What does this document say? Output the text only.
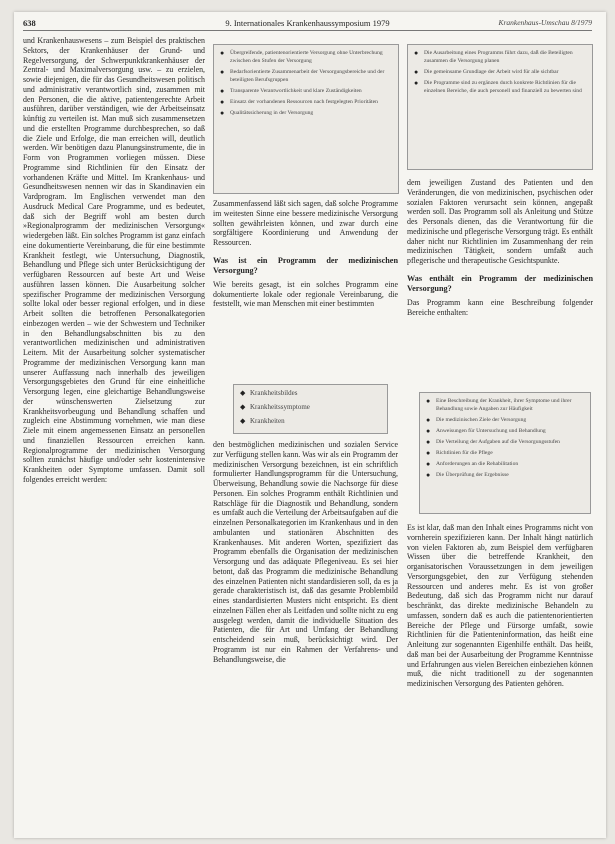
638	9. Internationales Krankenhaussymposium 1979	Krankenhaus-Umschau 8/1979

und Krankenhauswesens – zum Beispiel des praktischen Sektors, der Krankenhäuser der Grund- und Regelversorgung, der Schwerpunktkrankenhäuser der Zentral- und Maximalversorgung usw. – zu erzielen, sowie diejenigen, die für das Gesundheitswesen politisch und administrativ verantwortlich sind, zusammen mit den Personen, die die aktive, patientengerechte Arbeit ausführen, darüber verständigen, wie der Arbeitseinsatz künftig zu verteilen ist. Man muß sich zusammensetzen und die erstellten Programme durchbesprechen, so daß die Ziele und Erfolge, die man erreichen will, deutlich werden. Wir benötigen dazu Planungsinstrumente, die in Form von Programmen vorliegen müssen. Diese Programme sind Richtlinien für den Einsatz der vorhandenen Kräfte und Mittel. Im Krankenhaus- und Gesundheitswesen nennen wir das in Skandinavien ein Vardprogram. Im Englischen verwendet man den Ausdruck Medical Care Programme, und es bedeutet, daß sich der Begriff wohl am besten durch »Regionalprogramm der medizinischen Versorgung« wiedergeben läßt. Ein solches Programm ist ganz einfach eine dokumentierte Vereinbarung, die für eine bestimmte Krankheit festlegt, wie Untersuchung, Diagnostik, Behandlung und Pflege sich unter Berücksichtigung der verfügbaren Ressourcen auf beste Art und Weise ausführen lassen können. Die Ausarbeitung solcher spezifischer Programme der medizinischen Versorgung sollte lokal oder besser regional erfolgen, und in diese Arbeit sollten die betroffenen Personalkategorien einbezogen werden – wie der Schwestern und Techniker in den Behandlungsabschnitten bis zu den verantwortlichen medizinischen und administrativen Leitern. Mit der Ausarbeitung solcher systematischer Programme der medizinischen Versorgung kann man unserer Auffassung nach innerhalb des jeweiligen Versorgungsgebietes den Grund für eine einheitliche Versorgung legen, eine gleichartige Behandlungsweise der wünschenswerten Zielsetzung zur Krankheitsvorbeugung und Behandlung schaffen und zugleich eine Abstimmung vornehmen, wie man diese Ziele mit einem angemessenen Einsatz an personellen und finanziellen Ressourcen erreichen kann. Regionalprogramme der medizinischen Versorgung sollten zunächst häufige und/oder sehr kostenintensive Krankheiten oder Symptome umfassen. Damit soll folgendes erreicht werden:

● Übergreifende, patientenorientierte Versorgung ohne Unterbrechung zwischen den Stufen der Versorgung
● Bedarfsorientierte Zusammenarbeit der Versorgungsbereiche und der beteiligten Berufsgruppen
● Transparente Verantwortlichkeit und klare Zuständigkeiten
● Einsatz der vorhandenen Ressourcen nach festgelegten Prioritäten
● Qualitätssicherung in der Versorgung
● Die Ausarbeitung eines Programms führt dazu, daß die Beteiligten zusammen die Versorgung planen
● Die gemeinsame Grundlage der Arbeit wird für alle sichtbar
● Die Programme sind zu ergänzen durch konkrete Richtlinien für die einzelnen Bereiche, die auch personell und finanziell zu bewerten sind

Zusammenfassend läßt sich sagen, daß solche Programme im weitesten Sinne eine bessere medizinische Versorgung sollten gewährleisten können, und zwar durch eine sorgfältigere Koordinierung und Anwendung der Ressourcen.

Was ist ein Programm der medizinischen Versorgung?

Wie bereits gesagt, ist ein solches Programm eine dokumentierte lokale oder regionale Vereinbarung, die feststellt, wie man Menschen mit einer bestimmten

◆ Krankheitsbildes
◆ Krankheitssymptome
◆ Krankheiten

den bestmöglichen medizinischen und sozialen Service zur Verfügung stellen kann. Was wir als ein Programm der medizinischen Versorgung bezeichnen, ist ein schriftlich formulierter Handlungsprogramm für die Untersuchung, Überweisung, Behandlung sowie die Nachsorge für diese Personen. Ein solches Programm enthält Richtlinien und Ratschläge für die Diagnostik und Behandlung, sondern es umfaßt auch die Verteilung der Arbeitsaufgaben auf die einzelnen Personalkategorien im Krankenhaus und in den ambulanten und stationären Abschnitten des Krankenhauses. Mit anderen Worten, spezifiziert das Programm ebenfalls die Organisation der medizinischen Versorgung und das adäquate Pflegeniveau. Es sei hier betont, daß das Programm die medizinische Behandlung des einzelnen Patienten nicht standardisieren soll, da es ja gerade charakteristisch ist, daß das gesamte Problembild eines standardisierten Musters nicht entspricht. Es dient einzelnen Fällen eher als Leitfaden und sollte nicht zu eng ausgelegt werden, damit die individuelle Situation des Patienten, die für Art und Umfang der Behandlung entscheidend sein muß, berücksichtigt wird. Der Programm ist nur ein Rahmen der Verfahrens- und Behandlungsweise, die

dem jeweiligen Zustand des Patienten und den Veränderungen, die von medizinischen, psychischen oder sozialen Faktoren verursacht sein können, angepaßt werden soll. Das Programm soll als Anleitung und Stütze des Personals dienen, das die Verantwortung für die medizinische und pflegerische Versorgung trägt. Es enthält daher nicht nur Richtlinien im Zusammenhang der rein medizinischen Tätigkeit, sondern umfaßt auch pflegerische und therapeutische Gesichtspunkte.

Was enthält ein Programm der medizinischen Versorgung?

Das Programm kann eine Beschreibung folgender Bereiche enthalten:

● Eine Beschreibung der Krankheit, ihrer Symptome und ihrer Behandlung sowie Angaben zur Häufigkeit
● Die medizinischen Ziele der Versorgung
● Anweisungen für Untersuchung und Behandlung
● Die Verteilung der Aufgaben auf die Versorgungsstufen
● Richtlinien für die Pflege
● Anforderungen an die Rehabilitation
● Die Überprüfung der Ergebnisse

Es ist klar, daß man den Inhalt eines Programms nicht von vornherein spezifizieren kann. Der Inhalt hängt natürlich von vielen Faktoren ab, zum Beispiel dem verfügbaren Wissen über die betreffende Krankheit, den organisatorischen Voraussetzungen in dem jeweiligen Versorgungsgebiet, den zur Verfügung stehenden Ressourcen und anderes mehr. Es ist von großer Bedeutung, daß sich das Programm nicht nur darauf beschränkt, das direkte medizinische Behandeln zu umfassen, sondern daß es auch die patientenorientierten Bereiche der Pflege und Fürsorge umfaßt, sowie Richtlinien für die Patienteninformation, das heißt eine Anleitung zur sogenannten Eigenhilfe enthält. Das heißt, daß man bei der Ausarbeitung der Programme Kenntnisse und Erfahrungen aus vielen Bereichen einbeziehen können muß, die nicht traditionell zu der sogenannten medizinischen Versorgung des Patienten gehören.
